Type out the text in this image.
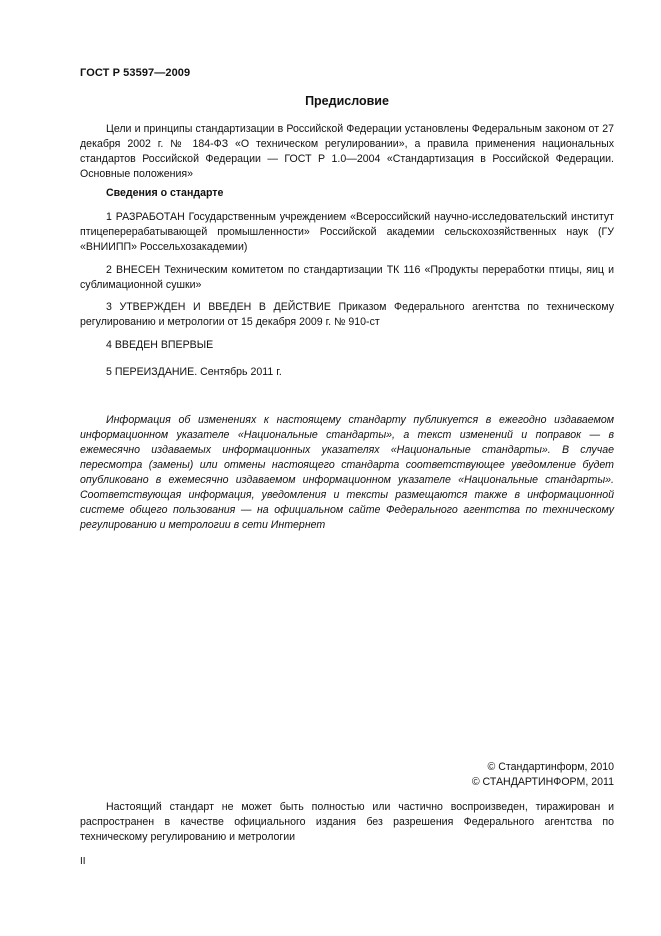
ГОСТ Р 53597—2009
Предисловие

Цели и принципы стандартизации в Российской Федерации установлены Федеральным законом от 27 декабря 2002 г. № 184-ФЗ «О техническом регулировании», а правила применения национальных стандартов Российской Федерации — ГОСТ Р 1.0—2004 «Стандартизация в Российской Федерации. Основные положения»

Сведения о стандарте

1 РАЗРАБОТАН Государственным учреждением «Всероссийский научно-исследовательский институт птицеперерабатывающей промышленности» Российской академии сельскохозяйственных наук (ГУ «ВНИИПП» Россельхозакадемии)

2 ВНЕСЕН Техническим комитетом по стандартизации ТК 116 «Продукты переработки птицы, яиц и сублимационной сушки»

3 УТВЕРЖДЕН И ВВЕДЕН В ДЕЙСТВИЕ Приказом Федерального агентства по техническому регулированию и метрологии от 15 декабря 2009 г. № 910-ст

4 ВВЕДЕН ВПЕРВЫЕ

5 ПЕРЕИЗДАНИЕ. Сентябрь 2011 г.

Информация об изменениях к настоящему стандарту публикуется в ежегодно издаваемом информационном указателе «Национальные стандарты», а текст изменений и поправок — в ежемесячно издаваемых информационных указателях «Национальные стандарты». В случае пересмотра (замены) или отмены настоящего стандарта соответствующее уведомление будет опубликовано в ежемесячно издаваемом информационном указателе «Национальные стандарты». Соответствующая информация, уведомления и тексты размещаются также в информационной системе общего пользования — на официальном сайте Федерального агентства по техническому регулированию и метрологии в сети Интернет

© Стандартинформ, 2010
© СТАНДАРТИНФОРМ, 2011

Настоящий стандарт не может быть полностью или частично воспроизведен, тиражирован и распространен в качестве официального издания без разрешения Федерального агентства по техническому регулированию и метрологии

II
